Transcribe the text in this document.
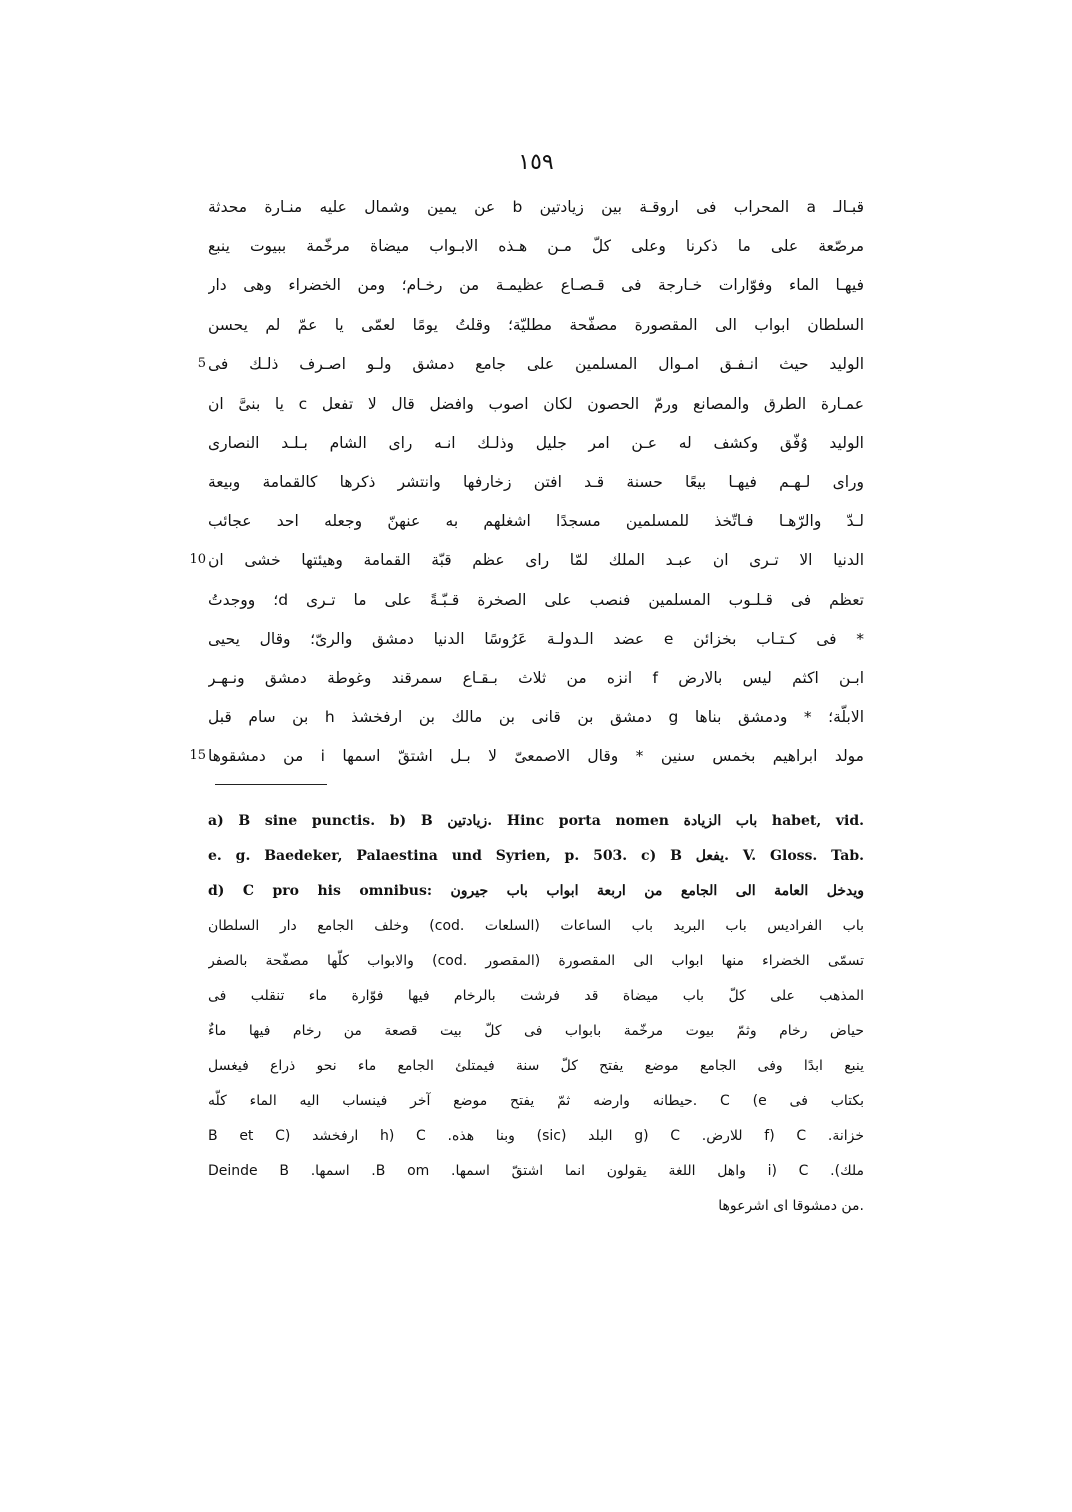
١٥٩
قبـالـ a المحراب فى اروقـة بين زيادتين b عن يمين وشمال عليه منـارة محدثة
مرصّعة على ما ذكرنا وعلى كلّ مـن هـذه الابـواب ميضاة مرخّمة ببيوت ينبع
فيهـا الماء وفوّارات خـارجة فى قـصـاع عظيمـة من رخـام؛ ومن الخضراء وهى دار
السلطان ابواب الى المقصورة مصفّحة مطليّة؛ وقلتُ يومًا لعمّى يا عمّ لم يحسن
الوليد حيث انـفـق امـوال المسلمين على جامع دمشق ولـو اصـرف ذلـك فى
5
عمـارة الطرق والمصانع ورمّ الحصون لكان اصوب وافضل قال لا تفعل c يا بنىَّ ان
الوليد وُفّق وكشف له عـن امر جليل وذلـك انـه راى الشام بـلـد النصارى
وراى لـهـم فيهـا بيعًا حسنة قـد افتن زخارفها وانتشر ذكرها كالقمامة وبيعة
لـدّ والرّهـا فـاتّخذ للمسلمين مسجدًا اشغلهم به عنهنّ وجعله احد عجائب
الدنيا الا تـرى ان عبـد الملك لمّا راى عظم قبّة القمامة وهيئتها خشى ان
10
تعظم فى قـلـوب المسلمين فنصب على الصخرة قـبّـةً على ما تـرى d؛ ووجدتُ
* فى كـتـاب بخزائن e عضد الـدولـة عَرُوسًا الدنيا دمشق والرىّ؛ وقال يحيى
ابـن اكثم ليس بالارض f انزه من ثلاث بـقـاع سمرقند وغوطة دمشق ونـهـر
الابلّة؛ * ودمشق بناها g دمشق بن قانى بن مالك بن ارفخشذ h بن سام قبل
مولد ابراهيم بخمس سنين * وقال الاصمعىّ لا بـل اشتقّ اسمها i من دمشقوها
15
a) B sine punctis. b) B زيادتين. Hinc porta nomen باب الزيادة habet, vid.
e. g. Baedeker, Palaestina und Syrien, p. 503. c) B يفعل. V. Gloss. Tab.
d) C pro his omnibus: ويدخل العامة الى الجامع من اربعة ابواب باب جيرون
باب الفراديس باب البريد باب الساعات (السلعات .cod) وخلف الجامع دار السلطان
تسمّى الخضراء منها ابواب الى المقصورة (المقصور .cod) والابواب كلّها مصفّحة بالصفر
المذهب على كلّ باب ميضاة قد فرشت بالرخام فيها فوّارة ماء تنقلب فى
حياض رخام وثمّ بيوت مرخّمة بابواب فى كلّ بيت قصعة من رخام فيها ماءٌ
ينبع ابدًا وفى الجامع موضع يفتح كلّ سنة فيمتلئ الجامع ماء نحو ذراع فيغسل
بكتاب فى C (e .حيطانه وارضه ثمّ يفتح موضع آخر فينساب اليه الماء كلّه
خزانة. f) C للارض. g) C البلد (sic) وبنا هذه. h) C ارفخشد (B et C
ملك). i) C واهل اللغة يقولون انما اشتقّ اسمها. B om. اسمها. Deinde B
.من دمشوقا اى اشرعوها
